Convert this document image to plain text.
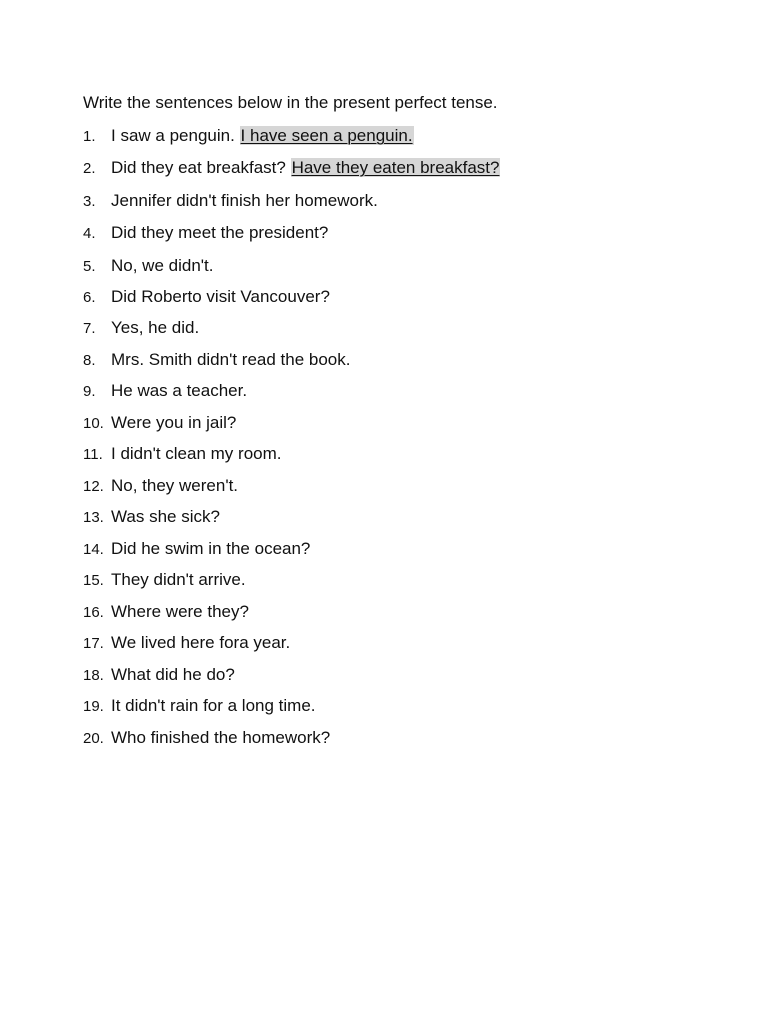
Write the sentences below in the present perfect tense.
1. I saw a penguin. I have seen a penguin.
2. Did they eat breakfast? Have they eaten breakfast?
3. Jennifer didn't finish her homework.
4. Did they meet the president?
5. No, we didn't.
6. Did Roberto visit Vancouver?
7. Yes, he did.
8. Mrs. Smith didn't read the book.
9. He was a teacher.
10. Were you in jail?
11. I didn't clean my room.
12. No, they weren't.
13. Was she sick?
14. Did he swim in the ocean?
15. They didn't arrive.
16. Where were they?
17. We lived here fora year.
18. What did he do?
19. It didn't rain for a long time.
20. Who finished the homework?
